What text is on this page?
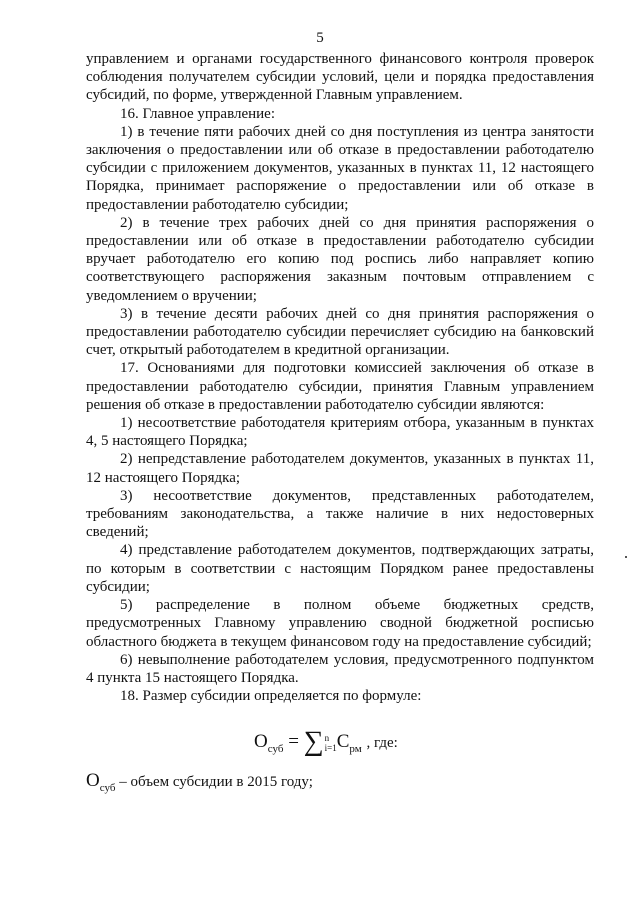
5

управлением и органами государственного финансового контроля проверок соблюдения получателем субсидии условий, цели и порядка предоставления субсидий, по форме, утвержденной Главным управлением.

16. Главное управление:

1) в течение пяти рабочих дней со дня поступления из центра занятости заключения о предоставлении или об отказе в предоставлении работодателю субсидии с приложением документов, указанных в пунктах 11, 12 настоящего Порядка, принимает распоряжение о предоставлении или об отказе в предоставлении работодателю субсидии;

2) в течение трех рабочих дней со дня принятия распоряжения о предоставлении или об отказе в предоставлении работодателю субсидии вручает работодателю его копию под роспись либо направляет копию соответствующего распоряжения заказным почтовым отправлением с уведомлением о вручении;

3) в течение десяти рабочих дней со дня принятия распоряжения о предоставлении работодателю субсидии перечисляет субсидию на банковский счет, открытый работодателем в кредитной организации.

17. Основаниями для подготовки комиссией заключения об отказе в предоставлении работодателю субсидии, принятия Главным управлением решения об отказе в предоставлении работодателю субсидии являются:

1) несоответствие работодателя критериям отбора, указанным в пунктах 4, 5 настоящего Порядка;

2) непредставление работодателем документов, указанных в пунктах 11, 12 настоящего Порядка;

3) несоответствие документов, представленных работодателем, требованиям законодательства, а также наличие в них недостоверных сведений;

4) представление работодателем документов, подтверждающих затраты, по которым в соответствии с настоящим Порядком ранее предоставлены субсидии;

5) распределение в полном объеме бюджетных средств, предусмотренных Главному управлению сводной бюджетной росписью областного бюджета в текущем финансовом году на предоставление субсидий;

6) невыполнение работодателем условия, предусмотренного подпунктом 4 пункта 15 настоящего Порядка.

18. Размер субсидии определяется по формуле:

$О_{суб} = \sum n$
$i=1С_{рм}$ , где:
$О_{суб}$ – объем субсидии в 2015 году;
